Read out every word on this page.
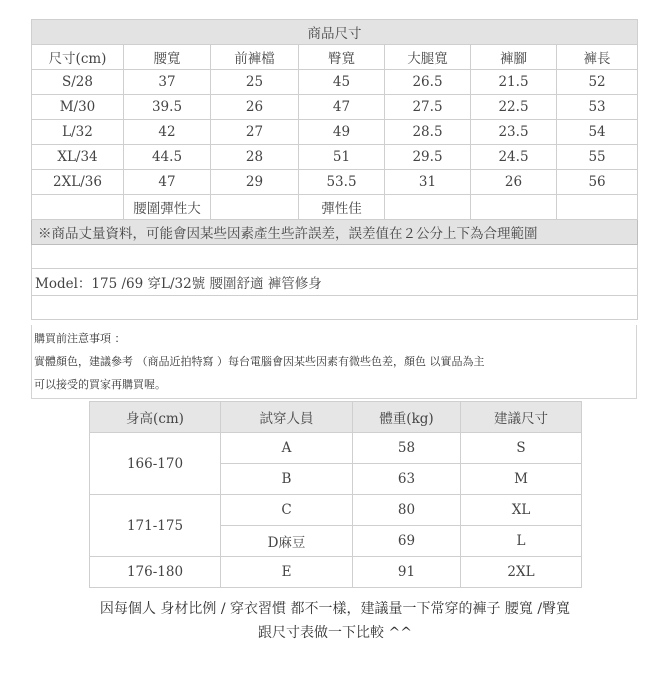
商品尺寸						
尺寸(cm)	腰寬	前褲檔	臀寬	大腿寬	褲腳	褲長
S/28	37	25	45	26.5	21.5	52
M/30	39.5	26	47	27.5	22.5	53
L/32	42	27	49	28.5	23.5	54
XL/34	44.5	28	51	29.5	24.5	55
2XL/36	47	29	53.5	31	26	56
	腰圍彈性大		彈性佳			
※商品丈量資料，可能會因某些因素產生些許誤差，誤差值在２公分上下為合理範圍						

Model：175 /69 穿L/32號 腰圍舒適 褲管修身						

購買前注意事項 ：
實體顏色，建議參考 （商品近拍特寫 ）每台電腦會因某些因素有微些色差，顏色 以實品為主
可以接受的買家再購買喔。
身高(cm)	試穿人員	體重(kg)	建議尺寸
166-170	A	58	S
	B	63	M
171-175	C	80	XL
	D麻豆	69	L
176-180	E	91	2XL
因每個人 身材比例 / 穿衣習慣 都不一樣，建議量一下常穿的褲子 腰寬 /臀寬
跟尺寸表做一下比較 ^^
